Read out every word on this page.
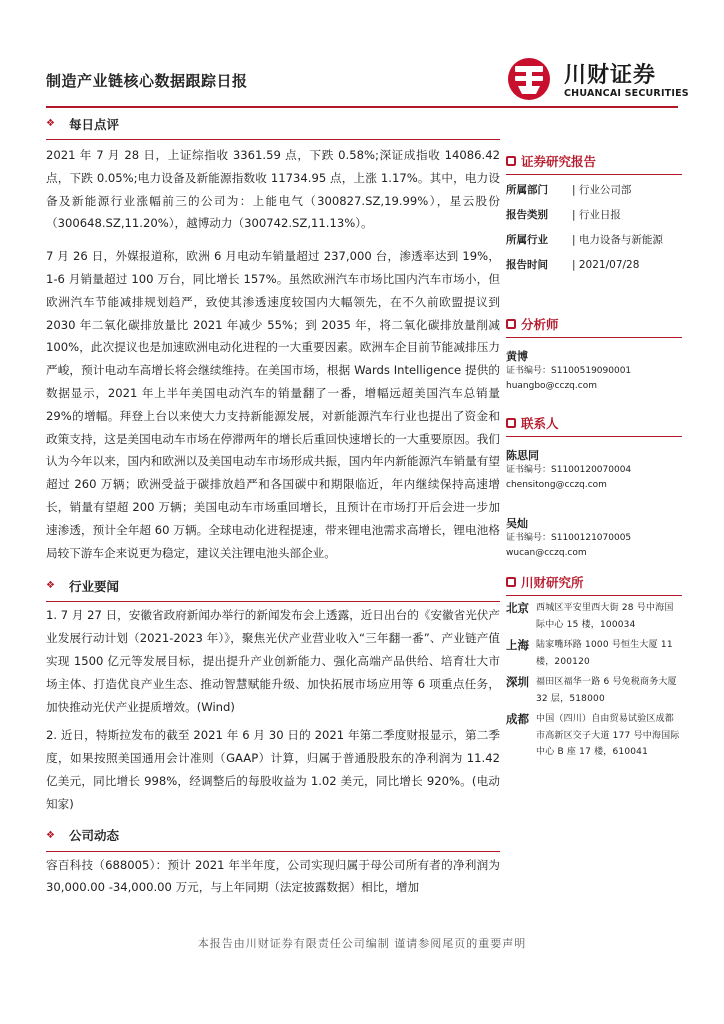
制造产业链核心数据跟踪日报	川财证券
CHUANCAI SECURITIES
❖ 每日点评

2021 年 7 月 28 日，上证综指收 3361.59 点，下跌 0.58%;深证成指收 14086.42 点，下跌 0.05%;电力设备及新能源指数收 11734.95 点，上涨 1.17%。其中，电力设备及新能源行业涨幅前三的公司为：上能电气（300827.SZ,19.99%），星云股份（300648.SZ,11.20%），越博动力（300742.SZ,11.13%）。

7 月 26 日，外媒报道称，欧洲 6 月电动车销量超过 237,000 台，渗透率达到 19%，1-6 月销量超过 100 万台，同比增长 157%。虽然欧洲汽车市场比国内汽车市场小，但欧洲汽车节能减排规划趋严，致使其渗透速度较国内大幅领先，在不久前欧盟提议到 2030 年二氧化碳排放量比 2021 年减少 55%；到 2035 年，将二氧化碳排放量削减 100%，此次提议也是加速欧洲电动化进程的一大重要因素。欧洲车企目前节能减排压力严峻，预计电动车高增长将会继续维持。在美国市场，根据 Wards Intelligence 提供的数据显示，2021 年上半年美国电动汽车的销量翻了一番，增幅远超美国汽车总销量 29%的增幅。拜登上台以来使大力支持新能源发展，对新能源汽车行业也提出了资金和政策支持，这是美国电动车市场在停滞两年的增长后重回快速增长的一大重要原因。我们认为今年以来，国内和欧洲以及美国电动车市场形成共振，国内年内新能源汽车销量有望超过 260 万辆；欧洲受益于碳排放趋严和各国碳中和期限临近，年内继续保持高速增长，销量有望超 200 万辆；美国电动车市场重回增长，且预计在市场打开后会进一步加速渗透，预计全年超 60 万辆。全球电动化进程提速，带来锂电池需求高增长，锂电池格局较下游车企来说更为稳定，建议关注锂电池头部企业。

❖ 行业要闻

1. 7 月 27 日，安徽省政府新闻办举行的新闻发布会上透露，近日出台的《安徽省光伏产业发展行动计划（2021-2023 年）》，聚焦光伏产业营业收入“三年翻一番”、产业链产值实现 1500 亿元等发展目标，提出提升产业创新能力、强化高端产品供给、培育壮大市场主体、打造优良产业生态、推动智慧赋能升级、加快拓展市场应用等 6 项重点任务，加快推动光伏产业提质增效。(Wind)

2. 近日，特斯拉发布的截至 2021 年 6 月 30 日的 2021 年第二季度财报显示，第二季度，如果按照美国通用会计准则（GAAP）计算，归属于普通股股东的净利润为 11.42 亿美元，同比增长 998%，经调整后的每股收益为 1.02 美元，同比增长 920%。(电动知家)

❖ 公司动态

容百科技（688005）：预计 2021 年半年度，公司实现归属于母公司所有者的净利润为 30,000.00 -34,000.00 万元，与上年同期（法定披露数据）相比，增加

证券研究报告
所属部门	| 行业公司部
报告类别	| 行业日报
所属行业	| 电力设备与新能源
报告时间	| 2021/07/28
分析师
黄博
证书编号：S1100519090001
huangbo@cczq.com
联系人
陈思同
证书编号：S1100120070004
chensitong@cczq.com
吴灿
证书编号：S1100121070005
wucan@cczq.com
川财研究所
北京 西城区平安里西大街 28 号中海国际中心 15 楼，100034
上海 陆家嘴环路 1000 号恒生大厦 11 楼，200120
深圳 福田区福华一路 6 号免税商务大厦 32 层，518000
成都 中国（四川）自由贸易试验区成都市高新区交子大道 177 号中海国际中心 B 座 17 楼，610041
本报告由川财证券有限责任公司编制 谨请参阅尾页的重要声明
